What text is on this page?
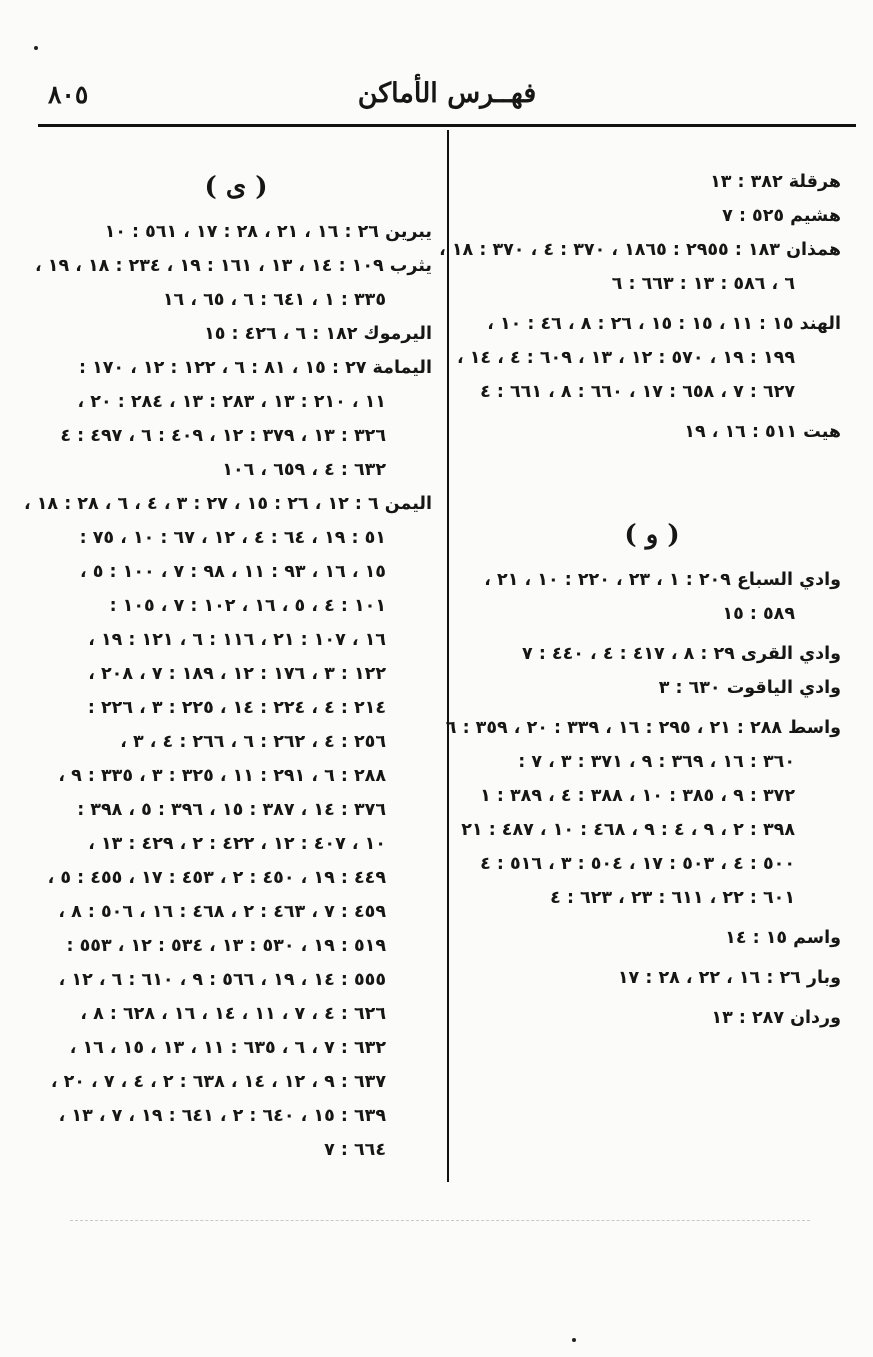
فهــرس الأماكن
٨٠٥
هرقلة ٣٨٢ : ١٣
هشيم ٥٢٥ : ٧
همذان ١٨٣ : ٢٩٥٥ : ١٨٦٥ ، ٣٧٠ : ٤ ، ٣٧٠ : ١٨ ،
٦ ، ٥٨٦ : ١٣ : ٦٦٣ : ٦
الهند ١٥ : ١١ ، ١٥ : ١٥ ، ٢٦ : ٨ ، ٤٦ : ١٠ ،
١٩٩ : ١٩ ، ٥٧٠ : ١٢ ، ١٣ ، ٦٠٩ : ٤ ، ١٤ ،
٦٢٧ : ٧ ، ٦٥٨ : ١٧ ، ٦٦٠ : ٨ ، ٦٦١ : ٤
هيت ٥١١ : ١٦ ، ١٩
( و )
وادي السباع ٢٠٩ : ١ ، ٢٣ ، ٢٢٠ : ١٠ ، ٢١ ،
٥٨٩ : ١٥
وادي القرى ٢٩ : ٨ ، ٤١٧ : ٤ ، ٤٤٠ : ٧
وادي الياقوت ٦٣٠ : ٣
واسط ٢٨٨ : ٢١ ، ٢٩٥ : ١٦ ، ٣٣٩ : ٢٠ ، ٣٥٩ : ٦
٣٦٠ : ١٦ ، ٣٦٩ : ٩ ، ٣٧١ : ٣ ، ٧ :
٣٧٢ : ٩ ، ٣٨٥ : ١٠ ، ٣٨٨ : ٤ ، ٣٨٩ : ١
٣٩٨ : ٢ ، ٩ ، ٤ : ٩ ، ٤٦٨ : ١٠ ، ٤٨٧ : ٢١
٥٠٠ : ٤ ، ٥٠٣ : ١٧ ، ٥٠٤ : ٣ ، ٥١٦ : ٤
٦٠١ : ٢٢ ، ٦١١ : ٢٣ ، ٦٢٣ : ٤
واسم ١٥ : ١٤
وبار ٢٦ : ١٦ ، ٢٢ ، ٢٨ : ١٧
وردان ٢٨٧ : ١٣
( ى )
يبرين ٢٦ : ١٦ ، ٢١ ، ٢٨ : ١٧ ، ٥٦١ : ١٠
يثرب ١٠٩ : ١٤ ، ١٣ ، ١٦١ : ١٩ ، ٢٣٤ : ١٨ ، ١٩ ،
٣٣٥ : ١ ، ٦٤١ : ٦ ، ٦٥ ، ١٦
اليرموك ١٨٢ : ٦ ، ٤٢٦ : ١٥
اليمامة ٢٧ : ١٥ ، ٨١ : ٦ ، ١٢٢ : ١٢ ، ١٧٠ :
١١ ، ٢١٠ : ١٣ ، ٢٨٣ : ١٣ ، ٢٨٤ : ٢٠ ،
٣٢٦ : ١٣ ، ٣٧٩ : ١٢ ، ٤٠٩ : ٦ ، ٤٩٧ : ٤
٦٣٢ : ٤ ، ٦٥٩ ، ١٠٦
اليمن ٦ : ١٢ ، ٢٦ : ١٥ ، ٢٧ : ٣ ، ٤ ، ٦ ، ٢٨ : ١٨ ،
٥١ : ١٩ ، ٦٤ : ٤ ، ١٢ ، ٦٧ : ١٠ ، ٧٥ :
١٥ ، ١٦ ، ٩٣ : ١١ ، ٩٨ : ٧ ، ١٠٠ : ٥ ،
١٠١ : ٤ ، ٥ ، ١٦ ، ١٠٢ : ٧ ، ١٠٥ :
١٦ ، ١٠٧ : ٢١ ، ١١٦ : ٦ ، ١٢١ : ١٩ ،
١٢٢ : ٣ ، ١٧٦ : ١٢ ، ١٨٩ : ٧ ، ٢٠٨ ،
٢١٤ : ٤ ، ٢٢٤ : ١٤ ، ٢٢٥ : ٣ ، ٢٢٦ :
٢٥٦ : ٤ ، ٢٦٢ : ٦ ، ٢٦٦ : ٤ ، ٣ ،
٢٨٨ : ٦ ، ٢٩١ : ١١ ، ٣٢٥ : ٣ ، ٣٣٥ : ٩ ،
٣٧٦ : ١٤ ، ٣٨٧ : ١٥ ، ٣٩٦ : ٥ ، ٣٩٨ :
١٠ ، ٤٠٧ : ١٢ ، ٤٢٢ : ٢ ، ٤٢٩ : ١٣ ،
٤٤٩ : ١٩ ، ٤٥٠ : ٢ ، ٤٥٣ : ١٧ ، ٤٥٥ : ٥ ،
٤٥٩ : ٧ ، ٤٦٣ : ٢ ، ٤٦٨ : ١٦ ، ٥٠٦ : ٨ ،
٥١٩ : ١٩ ، ٥٣٠ : ١٣ ، ٥٣٤ : ١٢ ، ٥٥٣ :
٥٥٥ : ١٤ ، ١٩ ، ٥٦٦ : ٩ ، ٦١٠ : ٦ ، ١٢ ،
٦٢٦ : ٤ ، ٧ ، ١١ ، ١٤ ، ١٦ ، ٦٢٨ : ٨ ،
٦٣٢ : ٧ ، ٦ ، ٦٣٥ : ١١ ، ١٣ ، ١٥ ، ١٦ ،
٦٣٧ : ٩ ، ١٢ ، ١٤ ، ٦٣٨ : ٢ ، ٤ ، ٧ ، ٢٠ ،
٦٣٩ : ١٥ ، ٦٤٠ : ٢ ، ٦٤١ : ١٩ ، ٧ ، ١٣ ،
٦٦٤ : ٧
